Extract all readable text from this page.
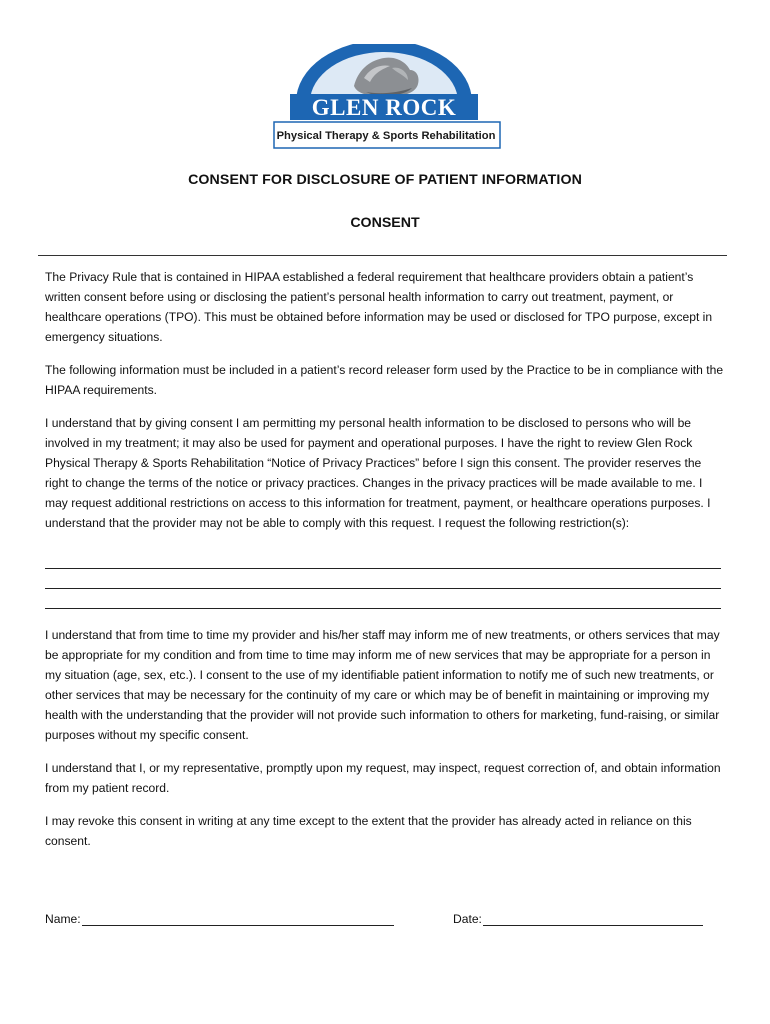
GLEN ROCK
Physical Therapy & Sports Rehabilitation
CONSENT FOR DISCLOSURE OF PATIENT INFORMATION
CONSENT

The Privacy Rule that is contained in HIPAA established a federal requirement that healthcare providers obtain a patient’s written consent before using or disclosing the patient’s personal health information to carry out treatment, payment, or healthcare operations (TPO). This must be obtained before information may be used or disclosed for TPO purpose, except in emergency situations.

The following information must be included in a patient’s record releaser form used by the Practice to be in compliance with the HIPAA requirements.

I understand that by giving consent I am permitting my personal health information to be disclosed to persons who will be involved in my treatment; it may also be used for payment and operational purposes. I have the right to review Glen Rock Physical Therapy & Sports Rehabilitation “Notice of Privacy Practices” before I sign this consent. The provider reserves the right to change the terms of the notice or privacy practices. Changes in the privacy practices will be made available to me. I may request additional restrictions on access to this information for treatment, payment, or healthcare operations purposes. I understand that the provider may not be able to comply with this request. I request the following restriction(s):

I understand that from time to time my provider and his/her staff may inform me of new treatments, or others services that may be appropriate for my condition and from time to time may inform me of new services that may be appropriate for a person in my situation (age, sex, etc.). I consent to the use of my identifiable patient information to notify me of such new treatments, or other services that may be necessary for the continuity of my care or which may be of benefit in maintaining or improving my health with the understanding that the provider will not provide such information to others for marketing, fund-raising, or similar purposes without my specific consent.

I understand that I, or my representative, promptly upon my request, may inspect, request correction of, and obtain information from my patient record.

I may revoke this consent in writing at any time except to the extent that the provider has already acted in reliance on this consent.

Name:	Date:
